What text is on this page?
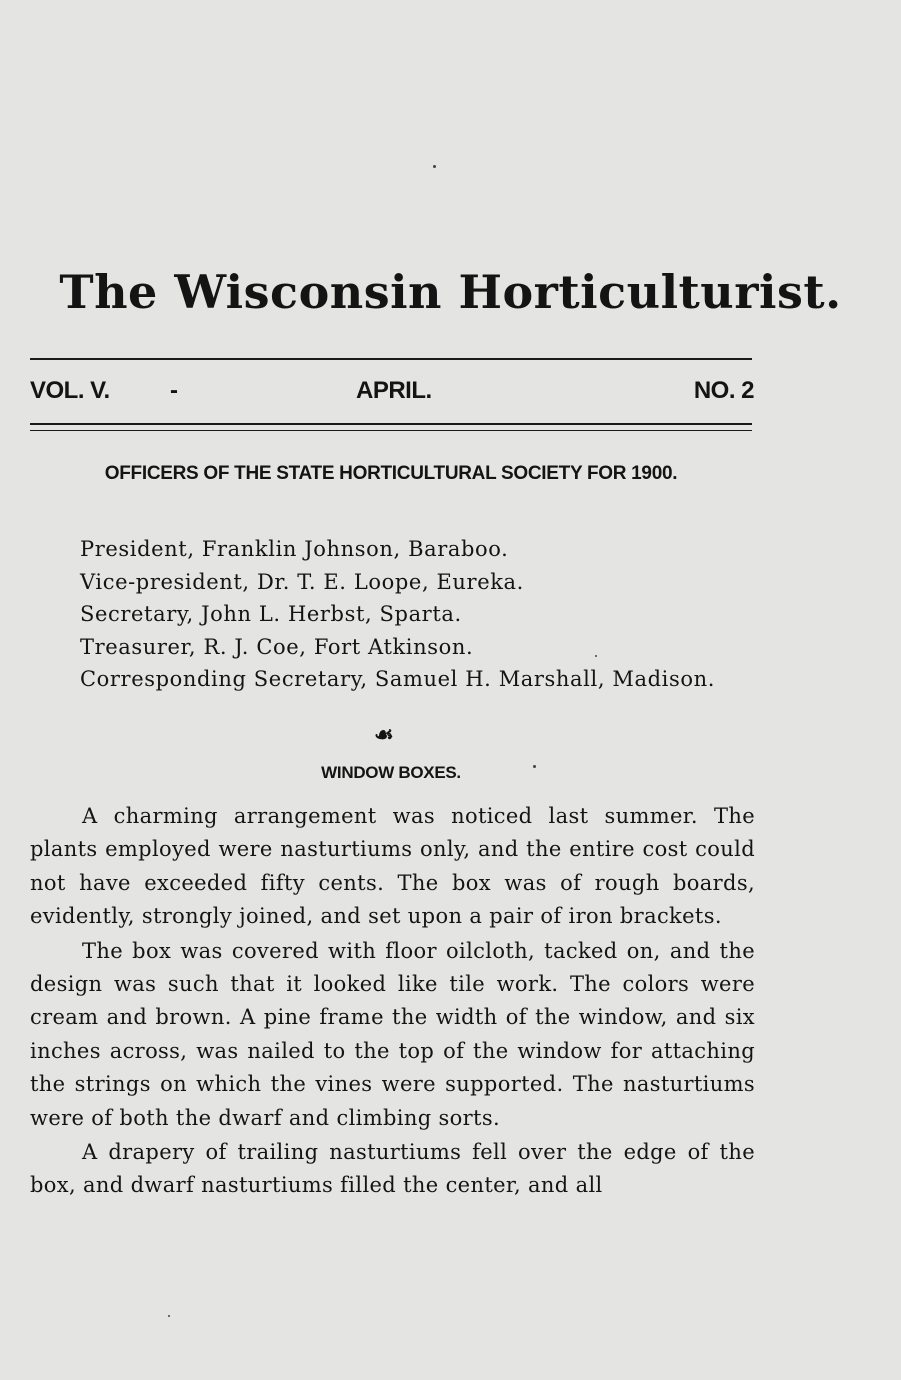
The Wisconsin Horticulturist.
VOL. V.	-	APRIL.	NO. 2
OFFICERS OF THE STATE HORTICULTURAL SOCIETY FOR 1900.
President, Franklin Johnson, Baraboo.
Vice-president, Dr. T. E. Loope, Eureka.
Secretary, John L. Herbst, Sparta.
Treasurer, R. J. Coe, Fort Atkinson.
Corresponding Secretary, Samuel H. Marshall, Madison.
☙
WINDOW BOXES.

A charming arrangement was noticed last summer. The plants employed were nasturtiums only, and the entire cost could not have exceeded fifty cents. The box was of rough boards, evidently, strongly joined, and set upon a pair of iron brackets.

The box was covered with floor oilcloth, tacked on, and the design was such that it looked like tile work. The colors were cream and brown. A pine frame the width of the window, and six inches across, was nailed to the top of the window for attaching the strings on which the vines were supported. The nasturtiums were of both the dwarf and climbing sorts.

A drapery of trailing nasturtiums fell over the edge of the box, and dwarf nasturtiums filled the center, and all
